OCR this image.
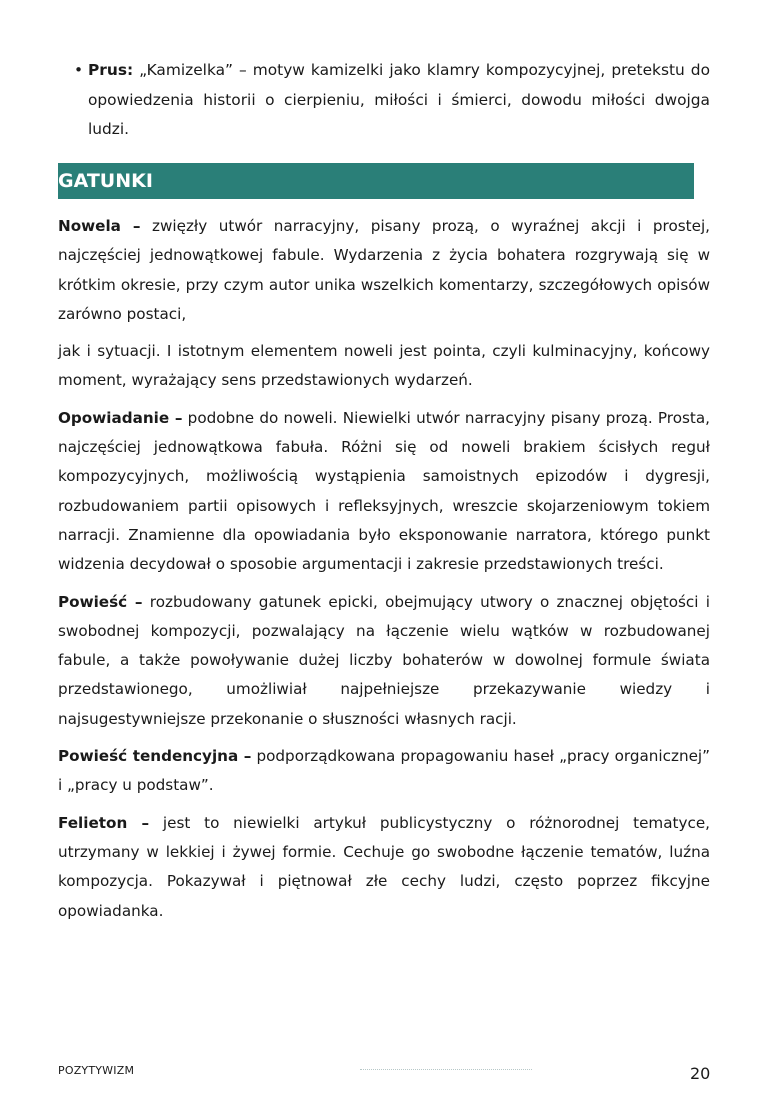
• Prus: „Kamizelka” – motyw kamizelki jako klamry kompozycyjnej, pretekstu do opowiedzenia historii o cierpieniu, miłości i śmierci, dowodu miłości dwojga ludzi.
GATUNKI

Nowela – zwięzły utwór narracyjny, pisany prozą, o wyraźnej akcji i prostej, najczęściej jednowątkowej fabule. Wydarzenia z życia bohatera rozgrywają się w krótkim okresie, przy czym autor unika wszelkich komentarzy, szczegółowych opisów zarówno postaci,

jak i sytuacji. I istotnym elementem noweli jest pointa, czyli kulminacyjny, końcowy moment, wyrażający sens przedstawionych wydarzeń.

Opowiadanie – podobne do noweli. Niewielki utwór narracyjny pisany prozą. Prosta, najczęściej jednowątkowa fabuła. Różni się od noweli brakiem ścisłych reguł kompozycyjnych, możliwością wystąpienia samoistnych epizodów i dygresji, rozbudowaniem partii opisowych i refleksyjnych, wreszcie skojarzeniowym tokiem narracji. Znamienne dla opowiadania było eksponowanie narratora, którego punkt widzenia decydował o sposobie argumentacji i zakresie przedstawionych treści.

Powieść – rozbudowany gatunek epicki, obejmujący utwory o znacznej objętości i swobodnej kompozycji, pozwalający na łączenie wielu wątków w rozbudowanej fabule, a także powoływanie dużej liczby bohaterów w dowolnej formule świata przedstawionego, umożliwiał najpełniejsze przekazywanie wiedzy i najsugestywniejsze przekonanie o słuszności własnych racji.

Powieść tendencyjna – podporządkowana propagowaniu haseł „pracy organicznej” i „pracy u podstaw”.

Felieton – jest to niewielki artykuł publicystyczny o różnorodnej tematyce, utrzymany w lekkiej i żywej formie. Cechuje go swobodne łączenie tematów, luźna kompozycja. Pokazywał i piętnował złe cechy ludzi, często poprzez fikcyjne opowiadanka.

POZYTYWIZM	20
